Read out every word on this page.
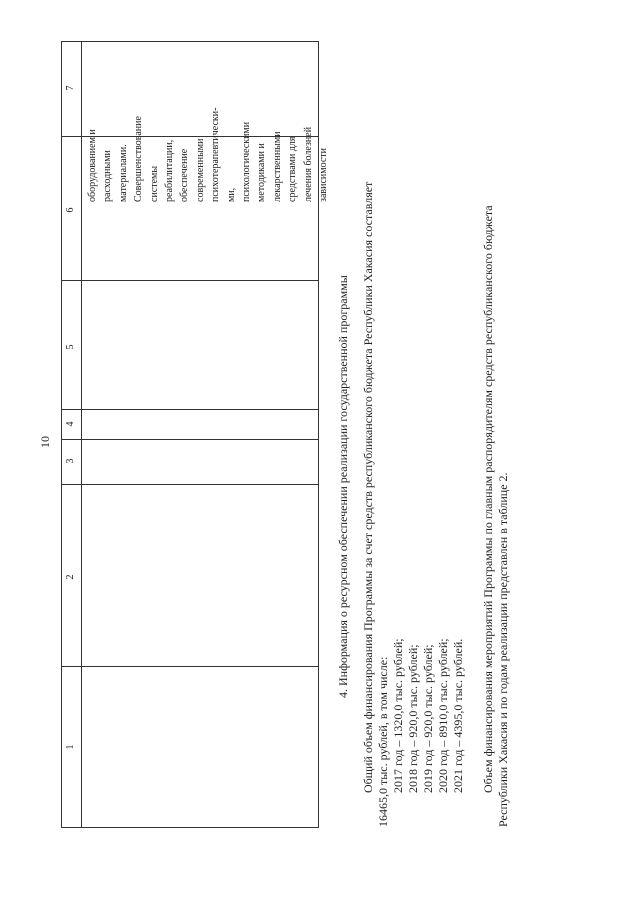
10
1
2
3
4
5
6
7
оборудованием и расходными материалами. Совершенствование системы реабилитации, обеспечение современными психотерапевтически- ми, психологическими методиками и лекарственными средствами для лечения болезней зависимости
4. Информация о ресурсном обеспечении реализации государственной программы Общий объем финансирования Программы за счет средств республиканского бюджета Республики Хакасия составляет 16465,0 тыс. рублей, в том числе: 2017 год – 1320,0 тыс. рублей; 2018 год – 920,0 тыс. рублей; 2019 год – 920,0 тыс. рублей; 2020 год – 8910,0 тыс. рублей; 2021 год – 4395,0 тыс. рублей. Объем финансирования мероприятий Программы по главным распорядителям средств республиканского бюджета Республики Хакасия и по годам реализации представлен в таблице 2.
